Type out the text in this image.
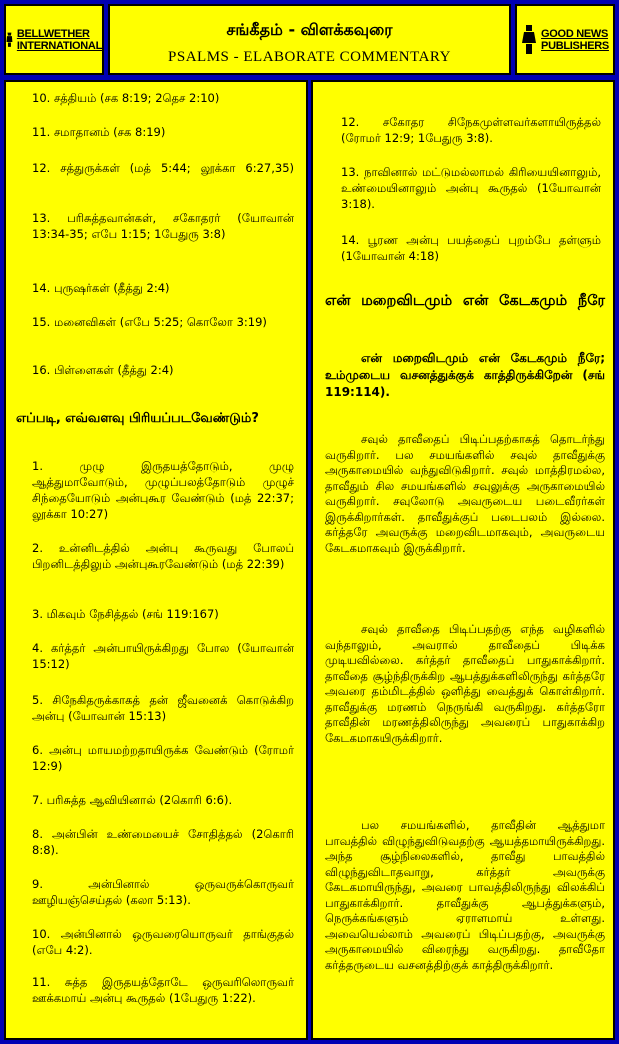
BELLWETHER
INTERNATIONAL
சங்கீதம் - விளக்கவுரை
PSALMS - ELABORATE COMMENTARY
GOOD NEWS
PUBLISHERS
10. சத்தியம் (சக 8:19; 2தெச 2:10)
11. சமாதானம் (சக 8:19)
12. சத்துருக்கள் (மத் 5:44; லூக்கா 6:27,35)
13. பரிசுத்தவான்கள், சகோதரர் (யோவான் 13:34-35; எபே 1:15; 1பேதுரு 3:8)
14. புருஷர்கள் (தீத்து 2:4)
15. மனைவிகள் (எபே 5:25; கொலோ 3:19)
16. பிள்ளைகள் (தீத்து 2:4)
எப்படி, எவ்வளவு பிரியப்படவேண்டும்?
1. முழு இருதயத்தோடும், முழு ஆத்துமாவோடும், முழுப்பலத்தோடும் முழுச் சிந்தையோடும் அன்புகூர வேண்டும் (மத் 22:37; லூக்கா 10:27)
2. உன்னிடத்தில் அன்பு கூருவது போலப் பிறனிடத்திலும் அன்புகூரவேண்டும் (மத் 22:39)
3. மிகவும் நேசித்தல் (சங் 119:167)
4. கர்த்தர் அன்பாயிருக்கிறது போல (யோவான் 15:12)
5. சிநேகிதருக்காகத் தன் ஜீவனைக் கொடுக்கிற அன்பு (யோவான் 15:13)
6. அன்பு மாயமற்றதாயிருக்க வேண்டும் (ரோமர் 12:9)
7. பரிசுத்த ஆவியினால் (2கொரி 6:6).
8. அன்பின் உண்மையைச் சோதித்தல் (2கொரி 8:8).
9. அன்பினால் ஒருவருக்கொருவர் ஊழியஞ்செய்தல் (கலா 5:13).
10. அன்பினால் ஒருவரையொருவர் தாங்குதல் (எபே 4:2).
11. சுத்த இருதயத்தோடே ஒருவரிலொருவர் ஊக்கமாய் அன்பு கூருதல் (1பேதுரு 1:22).
12. சகோதர சிநேகமுள்ளவர்களாயிருத்தல் (ரோமர் 12:9; 1பேதுரு 3:8).
13. நாவினால் மட்டுமல்லாமல் கிரியையினாலும், உண்மையினாலும் அன்பு கூருதல் (1யோவான் 3:18).
14. பூரண அன்பு பயத்தைப் புறம்பே தள்ளும் (1யோவான் 4:18)
என் மறைவிடமும் என் கேடகமும் நீரே
என் மறைவிடமும் என் கேடகமும் நீரே; உம்முடைய வசனத்துக்குக் காத்திருக்கிறேன் (சங் 119:114).
சவுல் தாவீதைப் பிடிப்பதற்காகத் தொடர்ந்து வருகிறார். பல சமயங்களில் சவுல் தாவீதுக்கு அருகாமையில் வந்துவிடுகிறார். சவுல் மாத்திரமல்ல, தாவீதும் சில சமயங்களில் சவுலுக்கு அருகாமையில் வருகிறார். சவுலோடு அவருடைய படைவீரர்கள் இருக்கிறார்கள். தாவீதுக்குப் படைபலம் இல்லை. கர்த்தரே அவருக்கு மறைவிடமாகவும், அவருடைய கேடகமாகவும் இருக்கிறார்.
சவுல் தாவீதை பிடிப்பதற்கு எந்த வழிகளில் வந்தாலும், அவரால் தாவீதைப் பிடிக்க முடியவில்லை. கர்த்தர் தாவீதைப் பாதுகாக்கிறார். தாவீதை சூழ்ந்திருக்கிற ஆபத்துக்களிலிருந்து கர்த்தரே அவரை தம்மிடத்தில் ஒளித்து வைத்துக் கொள்கிறார். தாவீதுக்கு மரணம் நெருங்கி வருகிறது. கர்த்தரோ தாவீதின் மரணத்திலிருந்து அவரைப் பாதுகாக்கிற கேடகமாகயிருக்கிறார்.
பல சமயங்களில், தாவீதின் ஆத்துமா பாவத்தில் விழுந்துவிடுவதற்கு ஆயத்தமாயிருக்கிறது. அந்த சூழ்நிலைகளில், தாவீது பாவத்தில் விழுந்துவிடாதவாறு, கர்த்தர் அவருக்கு கேடகமாயிருந்து, அவரை பாவத்திலிருந்து விலக்கிப் பாதுகாக்கிறார். தாவீதுக்கு ஆபத்துக்களும், நெருக்கங்களும் ஏராளமாய் உள்ளது. அவையெல்லாம் அவரைப் பிடிப்பதற்கு, அவருக்கு அருகாமையில் விரைந்து வருகிறது. தாவீதோ கர்த்தருடைய வசனத்திற்குக் காத்திருக்கிறார்.
